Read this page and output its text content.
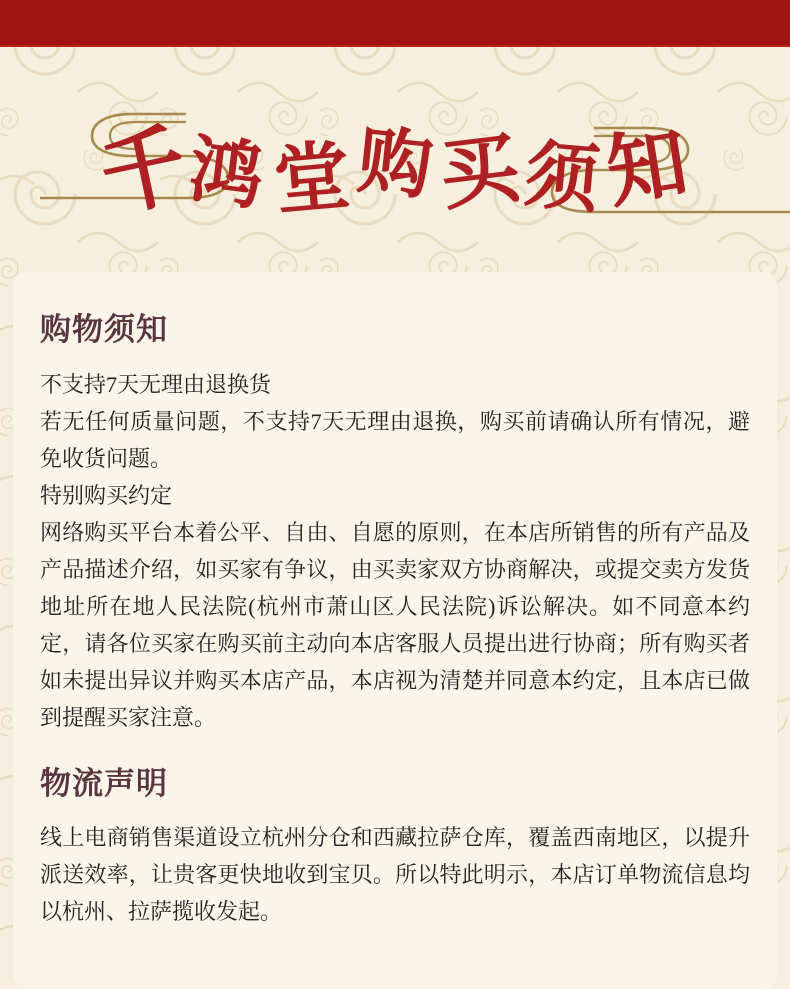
千鸿堂购买须知
购物须知

不支持7天无理由退换货

若无任何质量问题，不支持7天无理由退换，购买前请确认所有情况，避免收货问题。

特别购买约定

网络购买平台本着公平、自由、自愿的原则，在本店所销售的所有产品及产品描述介绍，如买家有争议，由买卖家双方协商解决，或提交卖方发货地址所在地人民法院(杭州市萧山区人民法院)诉讼解决。如不同意本约定，请各位买家在购买前主动向本店客服人员提出进行协商；所有购买者如未提出异议并购买本店产品，本店视为清楚并同意本约定，且本店已做到提醒买家注意。

物流声明

线上电商销售渠道设立杭州分仓和西藏拉萨仓库，覆盖西南地区，以提升派送效率，让贵客更快地收到宝贝。所以特此明示，本店订单物流信息均以杭州、拉萨揽收发起。
